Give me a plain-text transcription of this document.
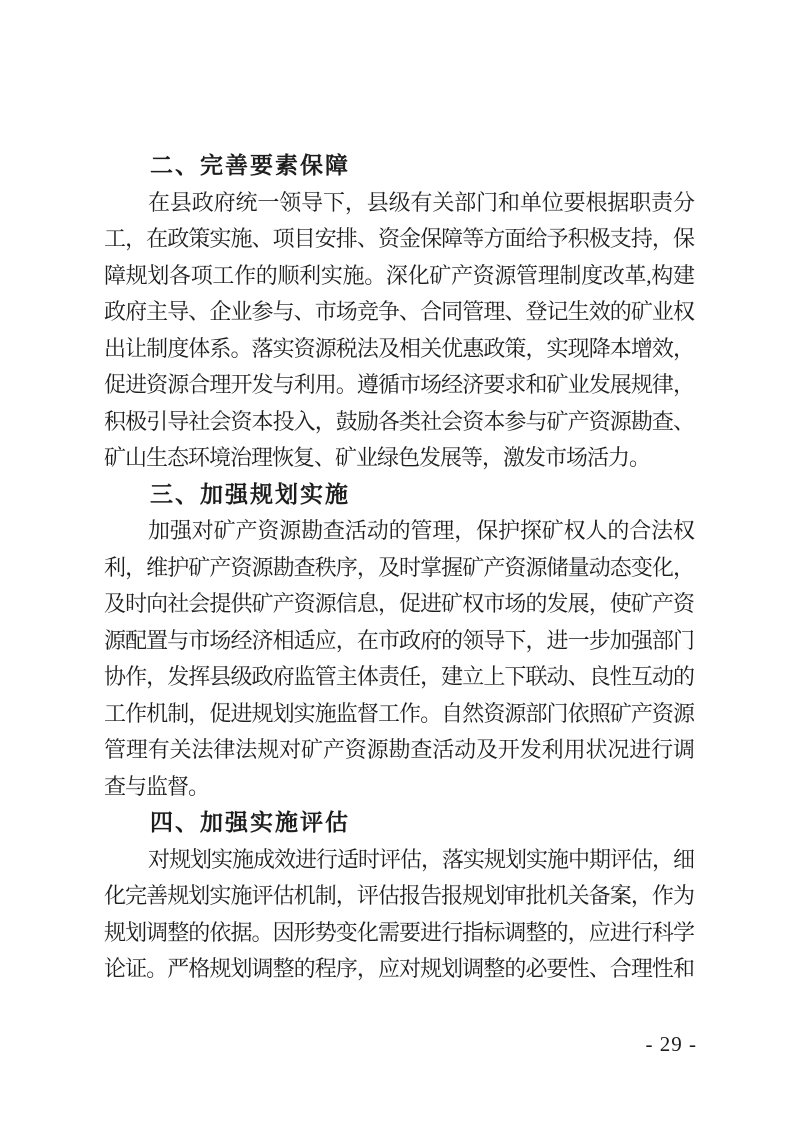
二、完善要素保障
在县政府统一领导下，县级有关部门和单位要根据职责分
工，在政策实施、项目安排、资金保障等方面给予积极支持，保
障规划各项工作的顺利实施。深化矿产资源管理制度改革,构建
政府主导、企业参与、市场竞争、合同管理、登记生效的矿业权
出让制度体系。落实资源税法及相关优惠政策，实现降本增效，
促进资源合理开发与利用。遵循市场经济要求和矿业发展规律，
积极引导社会资本投入，鼓励各类社会资本参与矿产资源勘查、
矿山生态环境治理恢复、矿业绿色发展等，激发市场活力。
三、加强规划实施
加强对矿产资源勘查活动的管理，保护探矿权人的合法权
利，维护矿产资源勘查秩序，及时掌握矿产资源储量动态变化，
及时向社会提供矿产资源信息，促进矿权市场的发展，使矿产资
源配置与市场经济相适应，在市政府的领导下，进一步加强部门
协作，发挥县级政府监管主体责任，建立上下联动、良性互动的
工作机制，促进规划实施监督工作。自然资源部门依照矿产资源
管理有关法律法规对矿产资源勘查活动及开发利用状况进行调
查与监督。
四、加强实施评估
对规划实施成效进行适时评估，落实规划实施中期评估，细
化完善规划实施评估机制，评估报告报规划审批机关备案，作为
规划调整的依据。因形势变化需要进行指标调整的，应进行科学
论证。严格规划调整的程序，应对规划调整的必要性、合理性和
- 29 -
